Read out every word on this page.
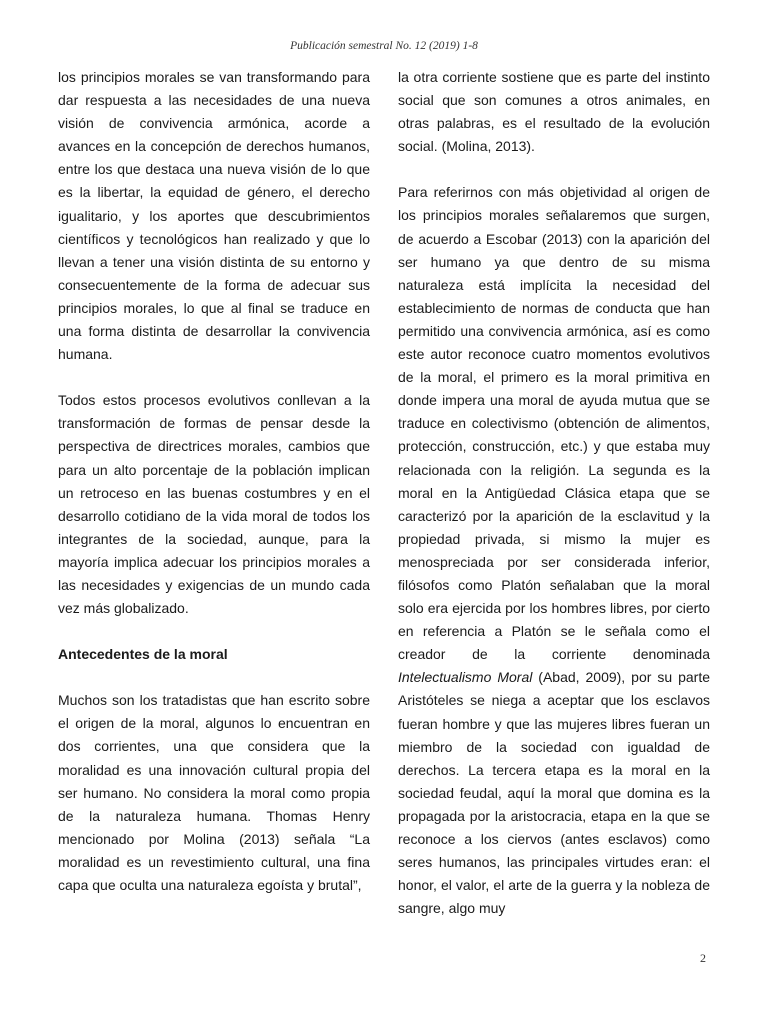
Publicación semestral No. 12 (2019) 1-8

los principios morales se van transformando para dar respuesta a las necesidades de una nueva visión de convivencia armónica, acorde a avances en la concepción de derechos humanos, entre los que destaca una nueva visión de lo que es la libertar, la equidad de género, el derecho igualitario, y los aportes que descubrimientos científicos y tecnológicos han realizado y que lo llevan a tener una visión distinta de su entorno y consecuentemente de la forma de adecuar sus principios morales, lo que al final se traduce en una forma distinta de desarrollar la convivencia humana.

Todos estos procesos evolutivos conllevan a la transformación de formas de pensar desde la perspectiva de directrices morales, cambios que para un alto porcentaje de la población implican un retroceso en las buenas costumbres y en el desarrollo cotidiano de la vida moral de todos los integrantes de la sociedad, aunque, para la mayoría implica adecuar los principios morales a las necesidades y exigencias de un mundo cada vez más globalizado.

Antecedentes de la moral

Muchos son los tratadistas que han escrito sobre el origen de la moral, algunos lo encuentran en dos corrientes, una que considera que la moralidad es una innovación cultural propia del ser humano. No considera la moral como propia de la naturaleza humana. Thomas Henry mencionado por Molina (2013) señala “La moralidad es un revestimiento cultural, una fina capa que oculta una naturaleza egoísta y brutal”,

la otra corriente sostiene que es parte del instinto social que son comunes a otros animales, en otras palabras, es el resultado de la evolución social. (Molina, 2013).

Para referirnos con más objetividad al origen de los principios morales señalaremos que surgen, de acuerdo a Escobar (2013) con la aparición del ser humano ya que dentro de su misma naturaleza está implícita la necesidad del establecimiento de normas de conducta que han permitido una convivencia armónica, así es como este autor reconoce cuatro momentos evolutivos de la moral, el primero es la moral primitiva en donde impera una moral de ayuda mutua que se traduce en colectivismo (obtención de alimentos, protección, construcción, etc.) y que estaba muy relacionada con la religión. La segunda es la moral en la Antigüedad Clásica etapa que se caracterizó por la aparición de la esclavitud y la propiedad privada, si mismo la mujer es menospreciada por ser considerada inferior, filósofos como Platón señalaban que la moral solo era ejercida por los hombres libres, por cierto en referencia a Platón se le señala como el creador de la corriente denominada Intelectualismo Moral (Abad, 2009), por su parte Aristóteles se niega a aceptar que los esclavos fueran hombre y que las mujeres libres fueran un miembro de la sociedad con igualdad de derechos. La tercera etapa es la moral en la sociedad feudal, aquí la moral que domina es la propagada por la aristocracia, etapa en la que se reconoce a los ciervos (antes esclavos) como seres humanos, las principales virtudes eran: el honor, el valor, el arte de la guerra y la nobleza de sangre, algo muy

2
